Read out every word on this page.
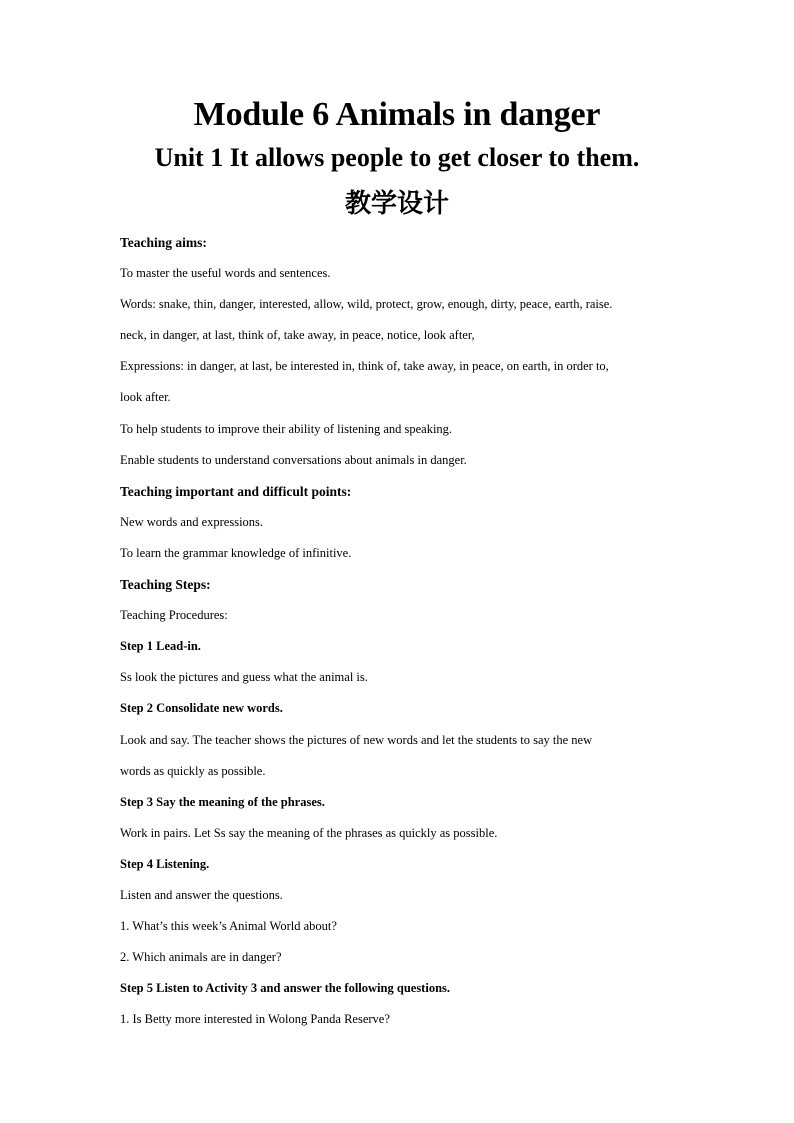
Module 6 Animals in danger
Unit 1 It allows people to get closer to them.
教学设计
Teaching aims:
To master the useful words and sentences.
Words: snake, thin, danger, interested, allow, wild, protect, grow, enough, dirty, peace, earth, raise.
neck, in danger, at last, think of, take away, in peace, notice, look after,
Expressions: in danger, at last, be interested in, think of, take away, in peace, on earth, in order to,
look after.
To help students to improve their ability of listening and speaking.
Enable students to understand conversations about animals in danger.
Teaching important and difficult points:
New words and expressions.
To learn the grammar knowledge of infinitive.
Teaching Steps:
Teaching Procedures:
Step 1 Lead-in.
Ss look the pictures and guess what the animal is.
Step 2 Consolidate new words.
Look and say. The teacher shows the pictures of new words and let the students to say the new
words as quickly as possible.
Step 3 Say the meaning of the phrases.
Work in pairs. Let Ss say the meaning of the phrases as quickly as possible.
Step 4 Listening.
Listen and answer the questions.
1. What’s this week’s Animal World about?
2. Which animals are in danger?
Step 5 Listen to Activity 3 and answer the following questions.
1. Is Betty more interested in Wolong Panda Reserve?
